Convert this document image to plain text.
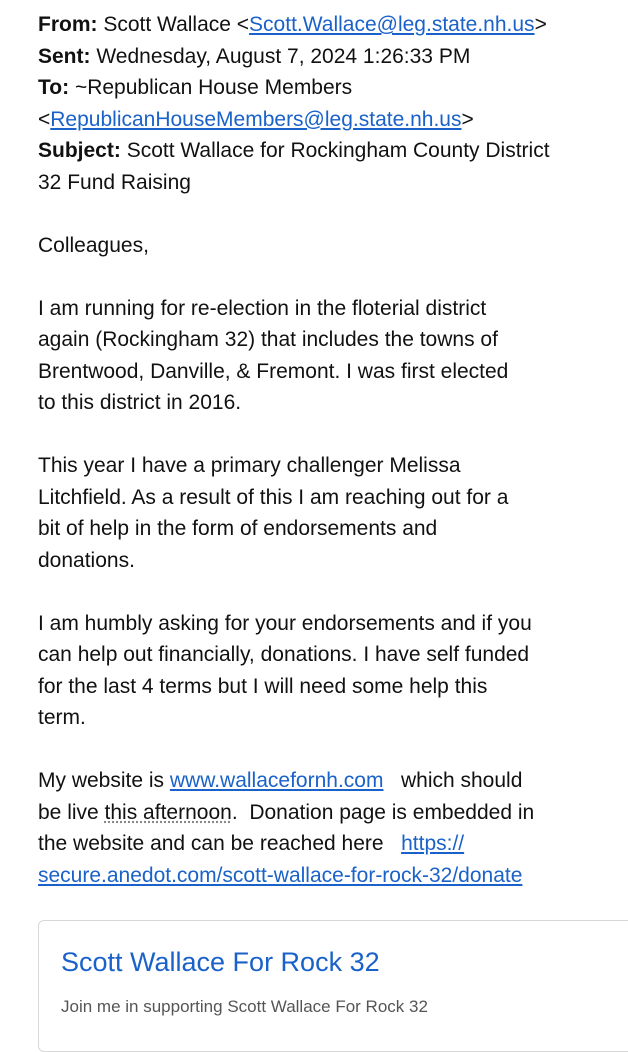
From: Scott Wallace <Scott.Wallace@leg.state.nh.us>
Sent: Wednesday, August 7, 2024 1:26:33 PM
To: ~Republican House Members
<RepublicanHouseMembers@leg.state.nh.us>
Subject: Scott Wallace for Rockingham County District
32 Fund Raising
Colleagues,
I am running for re-election in the floterial district
again (Rockingham 32) that includes the towns of
Brentwood, Danville, & Fremont. I was first elected
to this district in 2016.
This year I have a primary challenger Melissa
Litchfield. As a result of this I am reaching out for a
bit of help in the form of endorsements and
donations.
I am humbly asking for your endorsements and if you
can help out financially, donations. I have self funded
for the last 4 terms but I will need some help this
term.
My website is www.wallacefornh.com   which should
be live this afternoon.  Donation page is embedded in
the website and can be reached here   https://
secure.anedot.com/scott-wallace-for-rock-32/donate
Scott Wallace For Rock 32
Join me in supporting Scott Wallace For Rock 32
